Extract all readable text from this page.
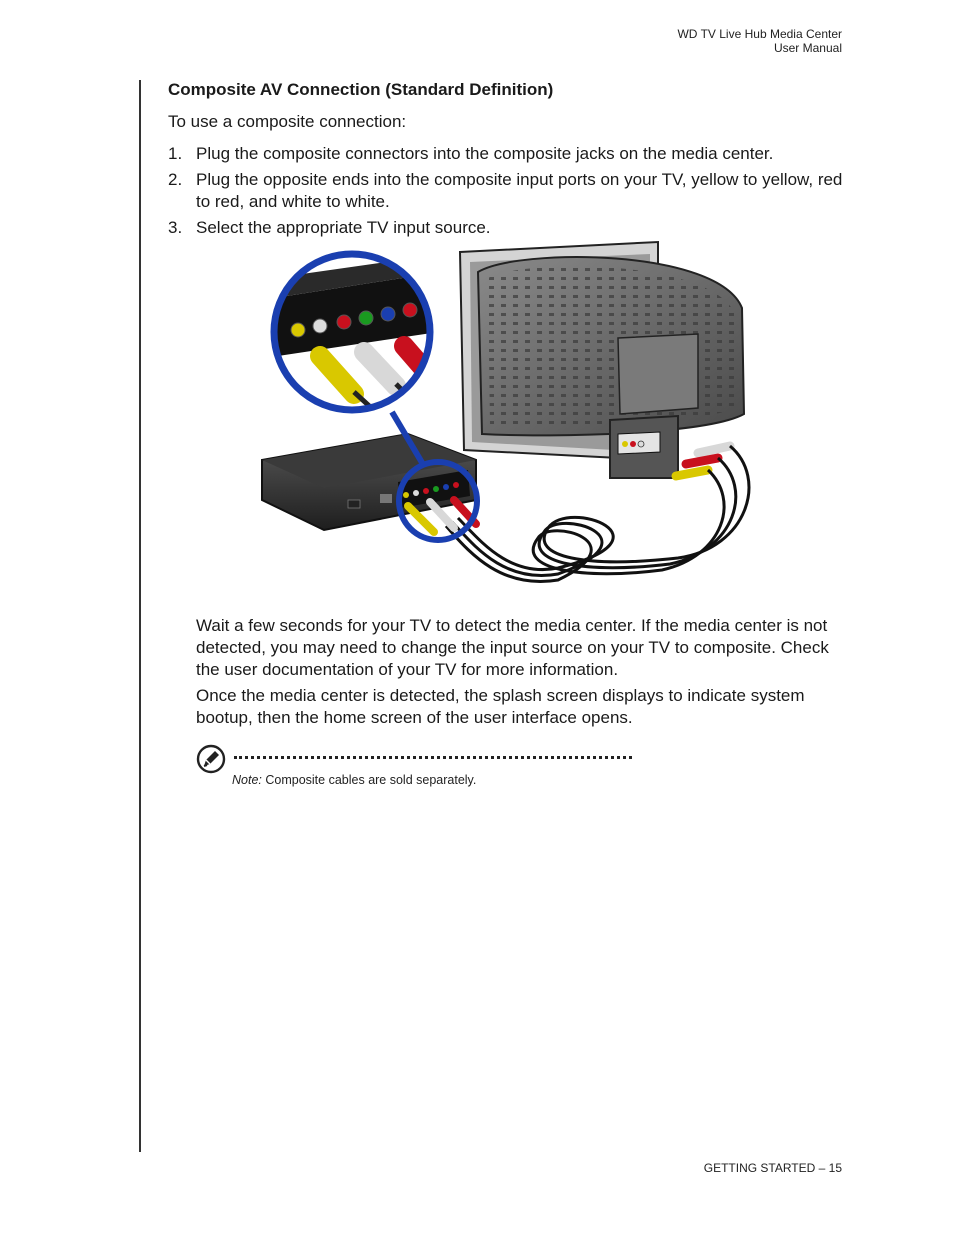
WD TV Live Hub Media Center
User Manual
Composite AV Connection (Standard Definition)

To use a composite connection:

1. Plug the composite connectors into the composite jacks on the media center.
2. Plug the opposite ends into the composite input ports on your TV, yellow to yellow, red to red, and white to white.
3. Select the appropriate TV input source.

Wait a few seconds for your TV to detect the media center. If the media center is not detected, you may need to change the input source on your TV to composite. Check the user documentation of your TV for more information.

Once the media center is detected, the splash screen displays to indicate system bootup, then the home screen of the user interface opens.

Note: Composite cables are sold separately.
GETTING STARTED – 15
